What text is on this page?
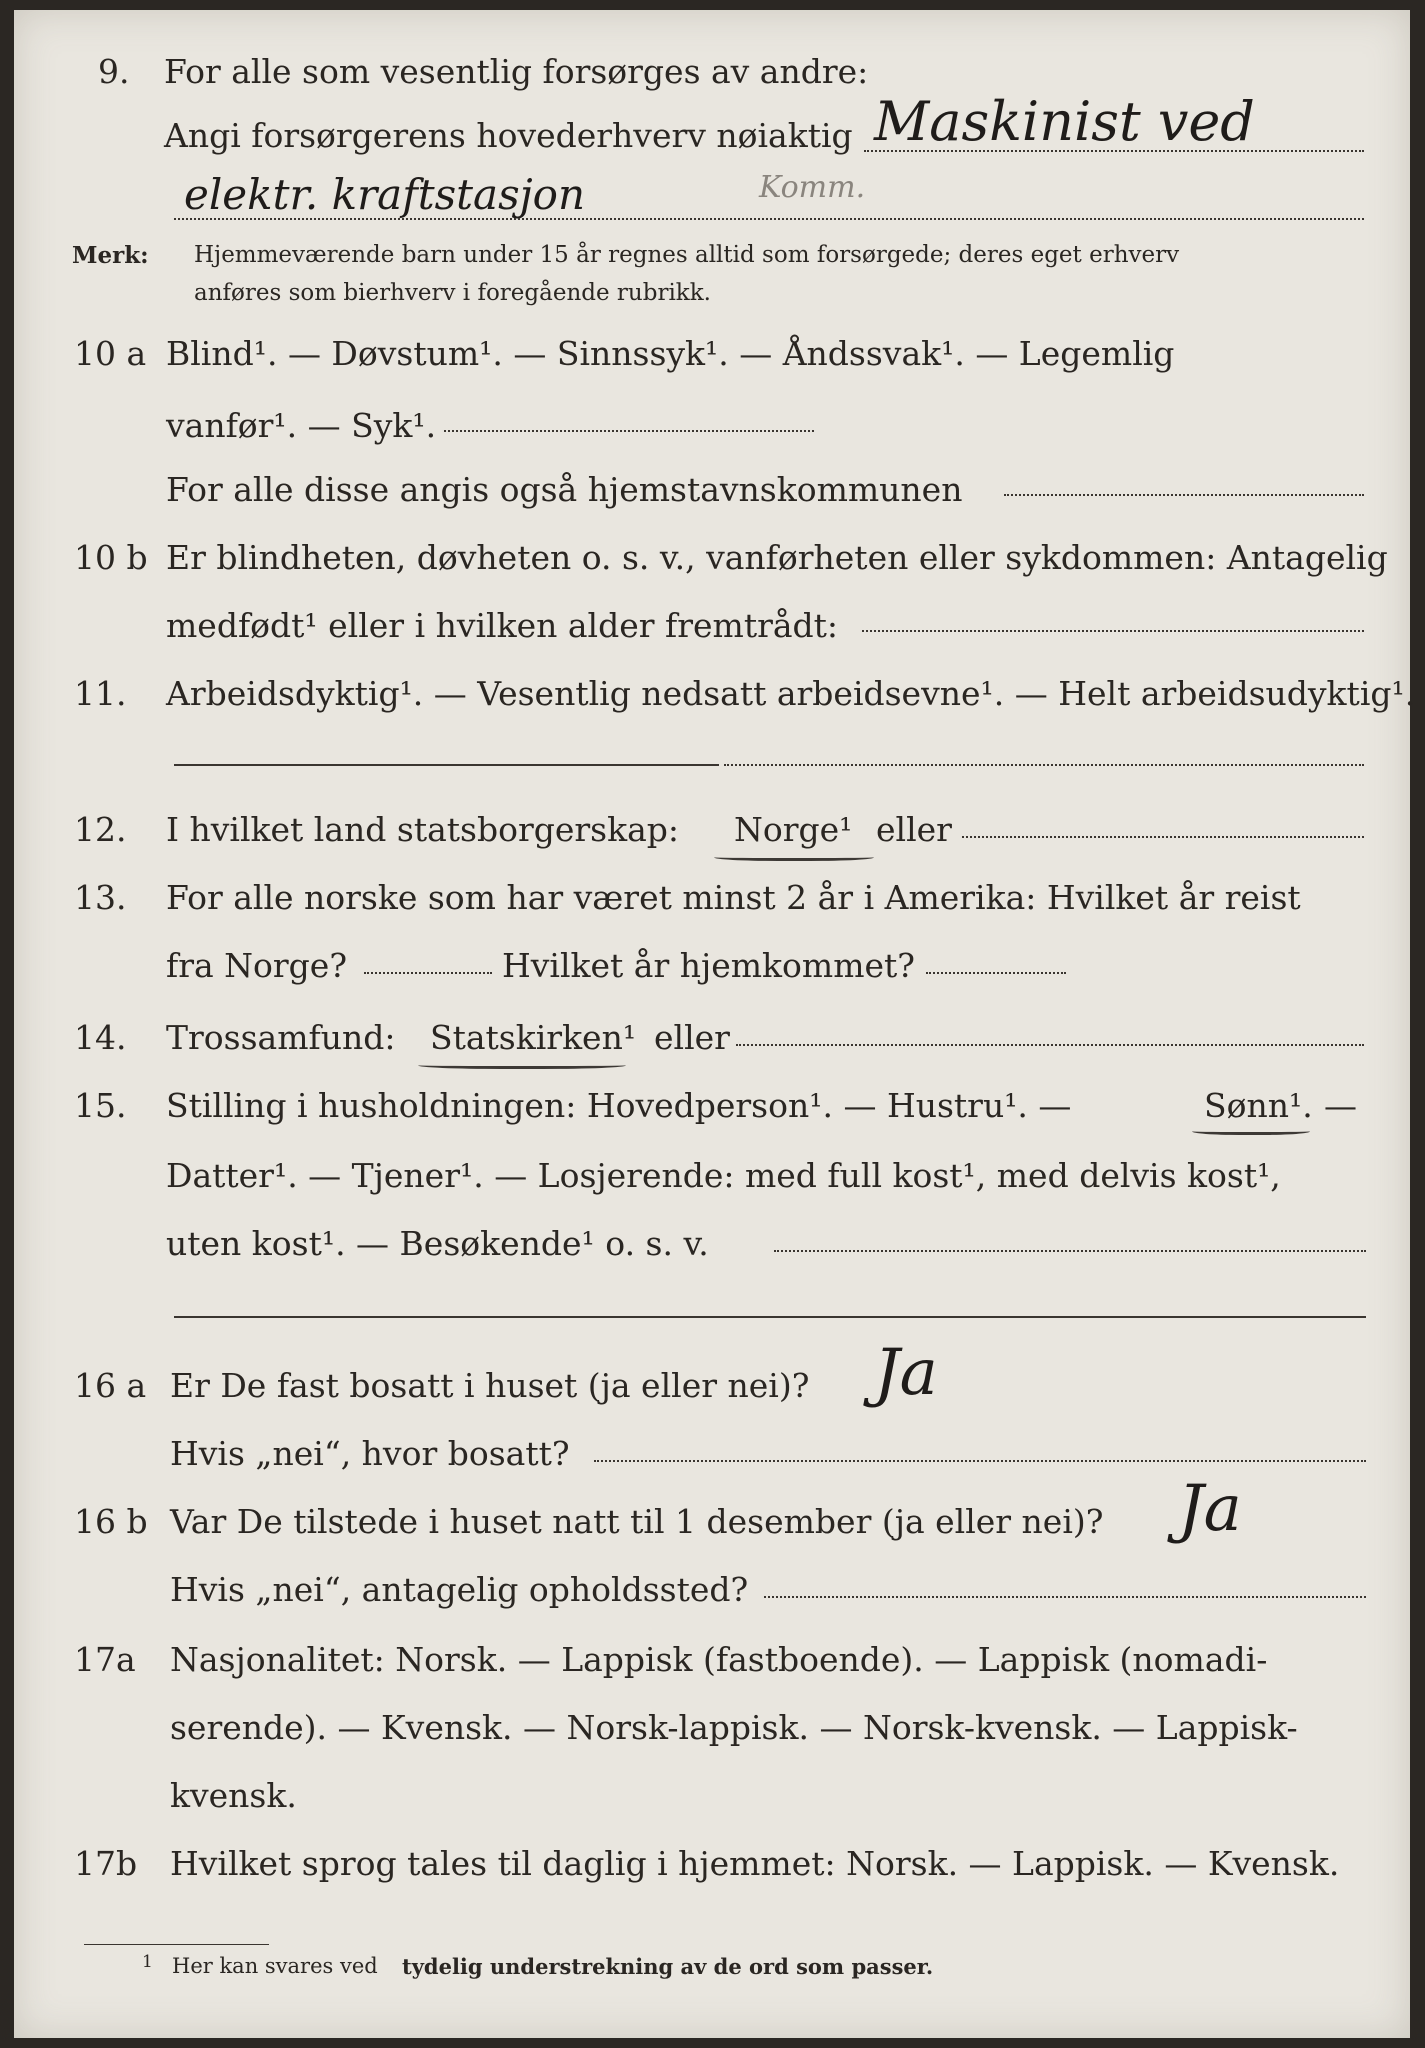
9. For alle som vesentlig forsørges av andre:
Angi forsørgerens hovederhverv nøiaktig Maskinist ved
elektr. kraftstasjon	Komm.
Merk: Hjemmeværende barn under 15 år regnes alltid som forsørgede; deres eget erhverv
anføres som bierhverv i foregående rubrikk.
10 a Blind¹. — Døvstum¹. — Sinnssyk¹. — Åndssvak¹. — Legemlig
vanfør¹. — Syk¹.
For alle disse angis også hjemstavnskommunen
10 b Er blindheten, døvheten o. s. v., vanførheten eller sykdommen: Antagelig
medfødt¹ eller i hvilken alder fremtrådt:
11. Arbeidsdyktig¹. — Vesentlig nedsatt arbeidsevne¹. — Helt arbeidsudyktig¹.
12. I hvilket land statsborgerskap: Norge¹ eller
13. For alle norske som har været minst 2 år i Amerika: Hvilket år reist
fra Norge?	Hvilket år hjemkommet?
14. Trossamfund: Statskirken¹ eller
15. Stilling i husholdningen: Hovedperson¹. — Hustru¹. —	Sønn¹. —
Datter¹. — Tjener¹. — Losjerende: med full kost¹, med delvis kost¹,
uten kost¹. — Besøkende¹ o. s. v.
16 a Er De fast bosatt i huset (ja eller nei)? Ja
Hvis „nei“, hvor bosatt?
16 b Var De tilstede i huset natt til 1 desember (ja eller nei)? Ja
Hvis „nei“, antagelig opholdssted?
17a Nasjonalitet: Norsk. — Lappisk (fastboende). — Lappisk (nomadi-
serende). — Kvensk. — Norsk-lappisk. — Norsk-kvensk. — Lappisk-
kvensk.
17b Hvilket sprog tales til daglig i hjemmet: Norsk. — Lappisk. — Kvensk.
1 Her kan svares ved tydelig understrekning av de ord som passer.
